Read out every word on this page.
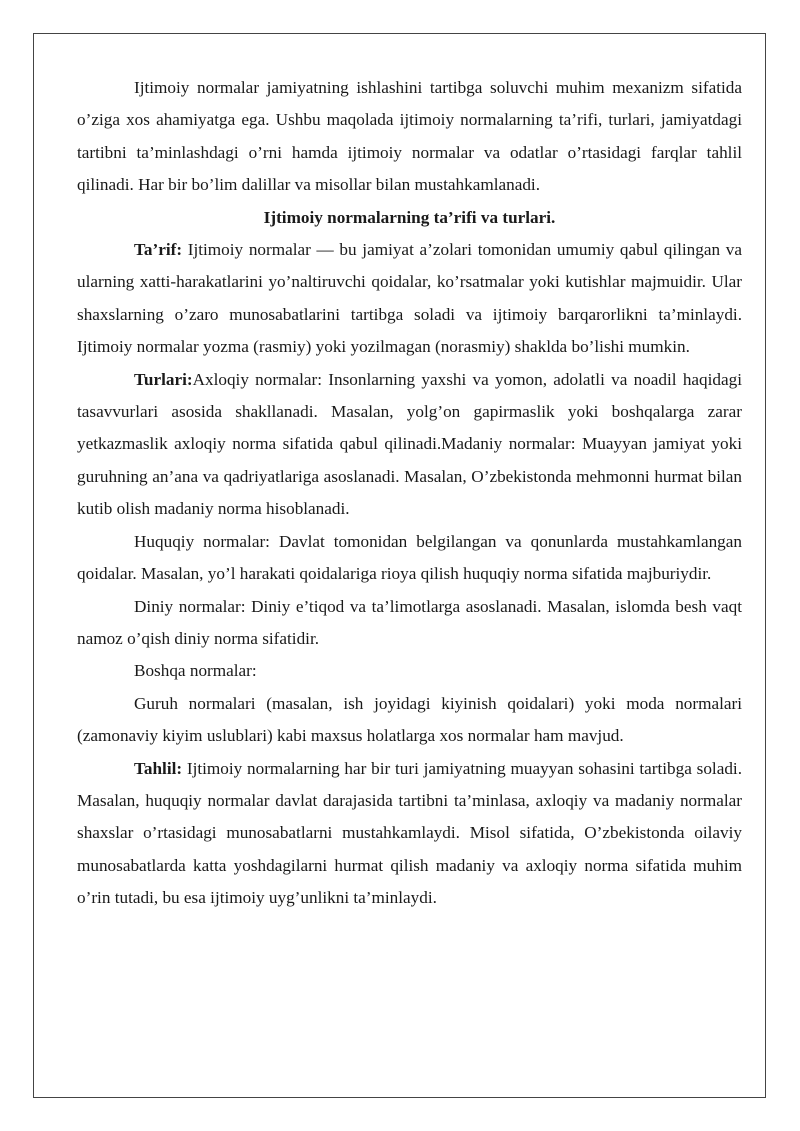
Ijtimoiy normalar jamiyatning ishlashini tartibga soluvchi muhim mexanizm sifatida o’ziga xos ahamiyatga ega. Ushbu maqolada ijtimoiy normalarning ta’rifi, turlari, jamiyatdagi tartibni ta’minlashdagi o’rni hamda ijtimoiy normalar va odatlar o’rtasidagi farqlar tahlil qilinadi. Har bir bo’lim dalillar va misollar bilan mustahkamlanadi.

Ijtimoiy normalarning ta’rifi va turlari.

Ta’rif: Ijtimoiy normalar — bu jamiyat a’zolari tomonidan umumiy qabul qilingan va ularning xatti-harakatlarini yo’naltiruvchi qoidalar, ko’rsatmalar yoki kutishlar majmuidir. Ular shaxslarning o’zaro munosabatlarini tartibga soladi va ijtimoiy barqarorlikni ta’minlaydi. Ijtimoiy normalar yozma (rasmiy) yoki yozilmagan (norasmiy) shaklda bo’lishi mumkin.

Turlari:Axloqiy normalar: Insonlarning yaxshi va yomon, adolatli va noadil haqidagi tasavvurlari asosida shakllanadi. Masalan, yolg’on gapirmaslik yoki boshqalarga zarar yetkazmaslik axloqiy norma sifatida qabul qilinadi.Madaniy normalar: Muayyan jamiyat yoki guruhning an’ana va qadriyatlariga asoslanadi. Masalan, O’zbekistonda mehmonni hurmat bilan kutib olish madaniy norma hisoblanadi.

Huquqiy normalar: Davlat tomonidan belgilangan va qonunlarda mustahkamlangan qoidalar. Masalan, yo’l harakati qoidalariga rioya qilish huquqiy norma sifatida majburiydir.

Diniy normalar: Diniy e’tiqod va ta’limotlarga asoslanadi. Masalan, islomda besh vaqt namoz o’qish diniy norma sifatidir.

Boshqa normalar:

Guruh normalari (masalan, ish joyidagi kiyinish qoidalari) yoki moda normalari (zamonaviy kiyim uslublari) kabi maxsus holatlarga xos normalar ham mavjud.

Tahlil: Ijtimoiy normalarning har bir turi jamiyatning muayyan sohasini tartibga soladi. Masalan, huquqiy normalar davlat darajasida tartibni ta’minlasa, axloqiy va madaniy normalar shaxslar o’rtasidagi munosabatlarni mustahkamlaydi. Misol sifatida, O’zbekistonda oilaviy munosabatlarda katta yoshdagilarni hurmat qilish madaniy va axloqiy norma sifatida muhim o’rin tutadi, bu esa ijtimoiy uyg’unlikni ta’minlaydi.
